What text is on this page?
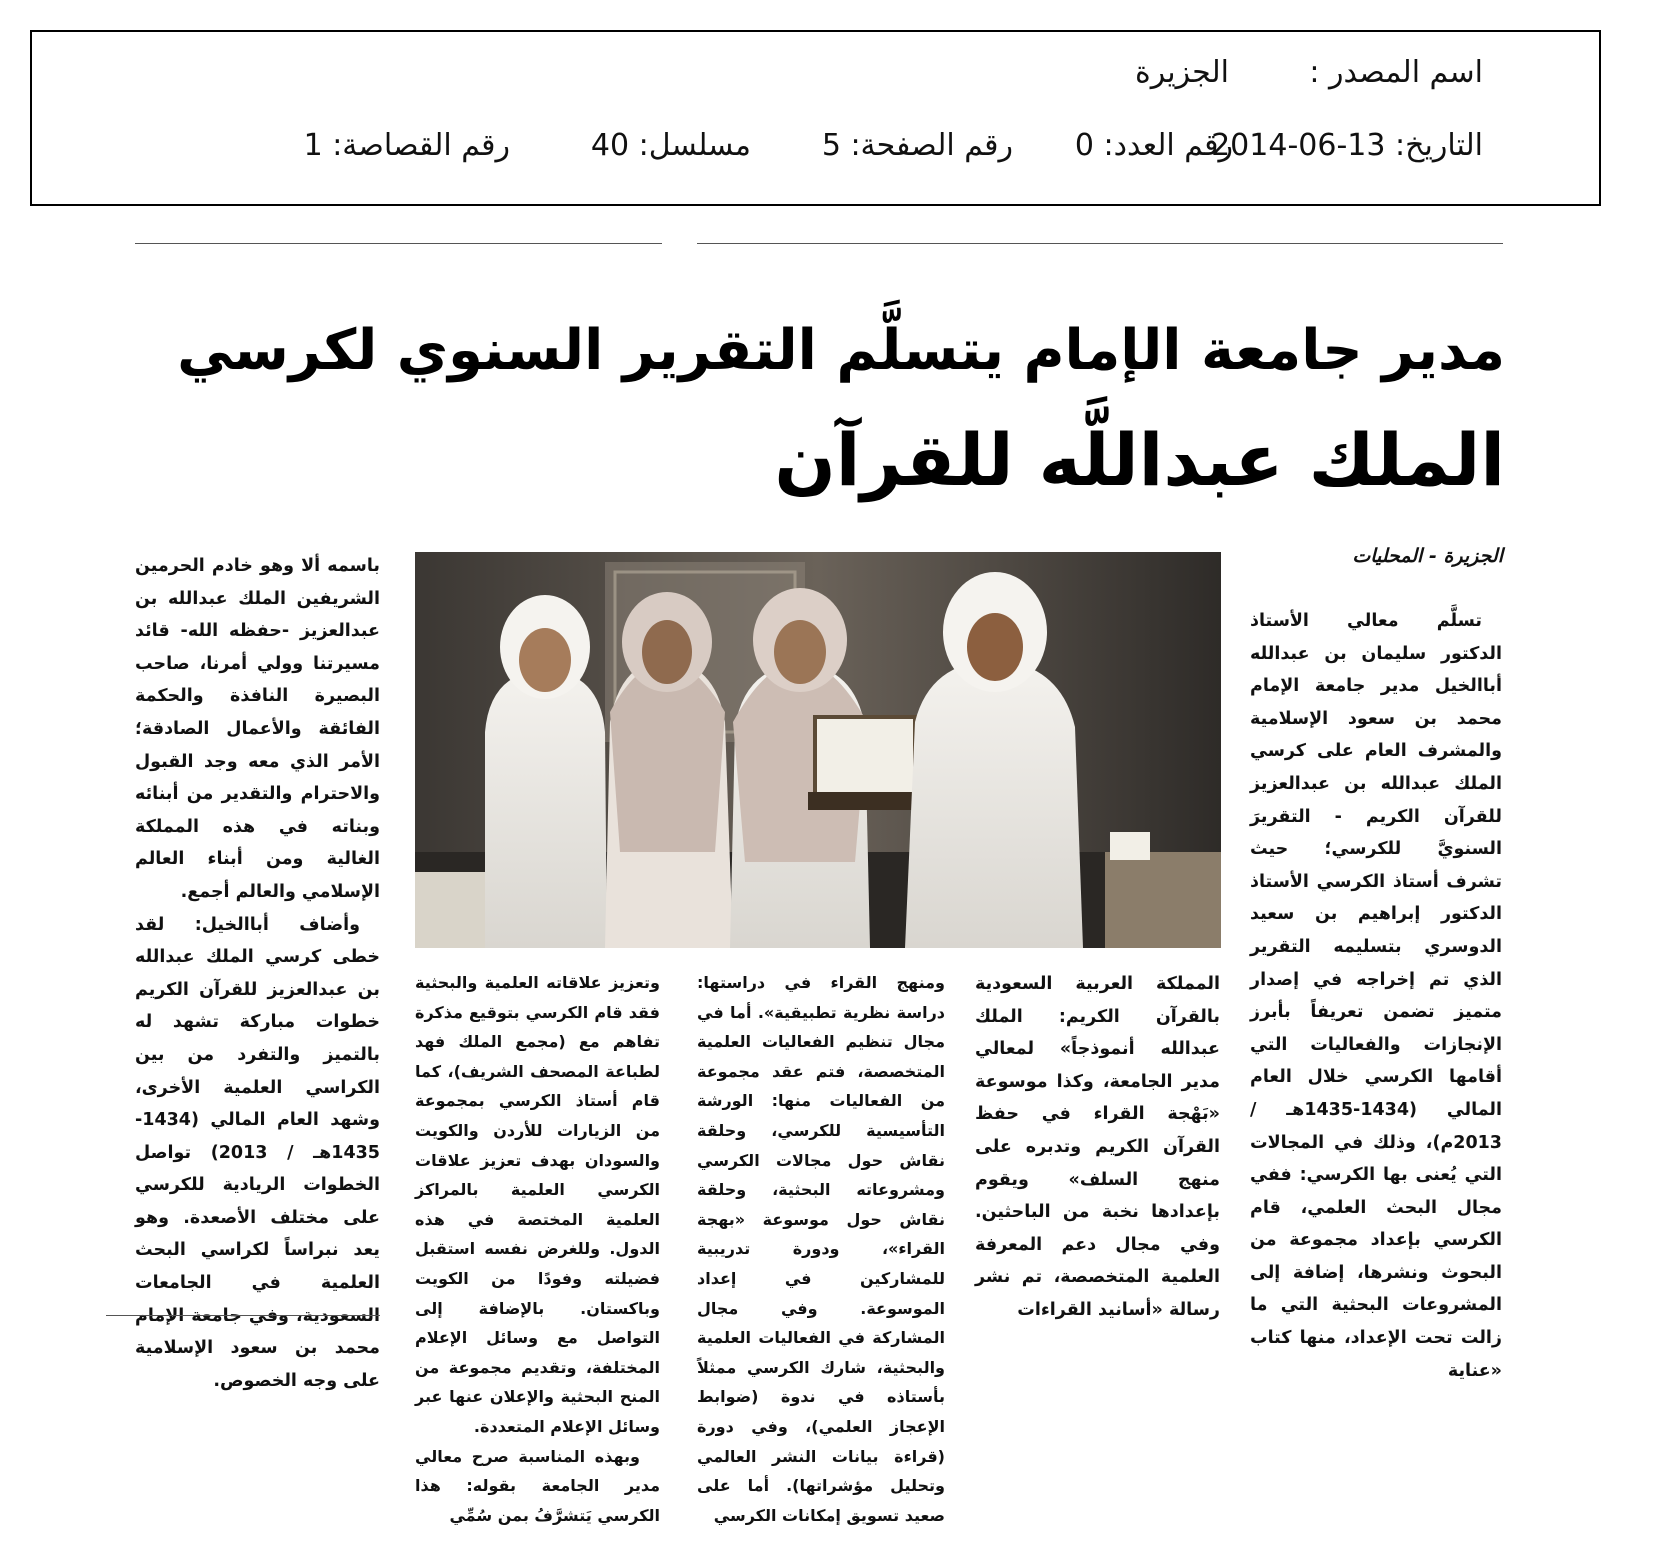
اسم المصدر :
الجزيرة
التاريخ: 13-06-2014
رقم العدد: 0
رقم الصفحة: 5
مسلسل: 40
رقم القصاصة: 1
مدير جامعة الإمام يتسلَّم التقرير السنوي لكرسي
الملك عبداللَّه للقرآن
الجزيرة - المحليات

تسلَّم معالي الأستاذ الدكتور سليمان بن عبدالله أباالخيل مدير جامعة الإمام محمد بن سعود الإسلامية والمشرف العام على كرسي الملك عبدالله بن عبدالعزيز للقرآن الكريم - التقريرَ السنويَّ للكرسي؛ حيث تشرف أستاذ الكرسي الأستاذ الدكتور إبراهيم بن سعيد الدوسري بتسليمه التقرير الذي تم إخراجه في إصدار متميز تضمن تعريفاً بأبرز الإنجازات والفعاليات التي أقامها الكرسي خلال العام المالي (1434-1435هـ / 2013م)، وذلك في المجالات التي يُعنى بها الكرسي: ففي مجال البحث العلمي، قام الكرسي بإعداد مجموعة من البحوث ونشرها، إضافة إلى المشروعات البحثية التي ما زالت تحت الإعداد، منها كتاب «عناية

المملكة العربية السعودية بالقرآن الكريم: الملك عبدالله أنموذجاً» لمعالي مدير الجامعة، وكذا موسوعة «بَهْجة القراء في حفظ القرآن الكريم وتدبره على منهج السلف» ويقوم بإعدادها نخبة من الباحثين. وفي مجال دعم المعرفة العلمية المتخصصة، تم نشر رسالة «أسانيد القراءات

ومنهج القراء في دراستها: دراسة نظرية تطبيقية». أما في مجال تنظيم الفعاليات العلمية المتخصصة، فتم عقد مجموعة من الفعاليات منها: الورشة التأسيسية للكرسي، وحلقة نقاش حول مجالات الكرسي ومشروعاته البحثية، وحلقة نقاش حول موسوعة «بهجة القراء»، ودورة تدريبية للمشاركين في إعداد الموسوعة. وفي مجال المشاركة في الفعاليات العلمية والبحثية، شارك الكرسي ممثلاً بأستاذه في ندوة (ضوابط الإعجاز العلمي)، وفي دورة (قراءة بيانات النشر العالمي وتحليل مؤشراتها). أما على صعيد تسويق إمكانات الكرسي

وتعزيز علاقاته العلمية والبحثية فقد قام الكرسي بتوقيع مذكرة تفاهم مع (مجمع الملك فهد لطباعة المصحف الشريف)، كما قام أستاذ الكرسي بمجموعة من الزيارات للأردن والكويت والسودان بهدف تعزيز علاقات الكرسي العلمية بالمراكز العلمية المختصة في هذه الدول. وللغرض نفسه استقبل فضيلته وفودًا من الكويت وباكستان. بالإضافة إلى التواصل مع وسائل الإعلام المختلفة، وتقديم مجموعة من المنح البحثية والإعلان عنها عبر وسائل الإعلام المتعددة.

وبهذه المناسبة صرح معالي مدير الجامعة بقوله: هذا الكرسي يَتشرَّفُ بمن سُمِّي

باسمه ألا وهو خادم الحرمين الشريفين الملك عبدالله بن عبدالعزيز -حفظه الله- قائد مسيرتنا وولي أمرنا، صاحب البصيرة النافذة والحكمة الفائقة والأعمال الصادقة؛ الأمر الذي معه وجد القبول والاحترام والتقدير من أبنائه وبناته في هذه المملكة الغالية ومن أبناء العالم الإسلامي والعالم أجمع.

وأضاف أباالخيل: لقد خطى كرسي الملك عبدالله بن عبدالعزيز للقرآن الكريم خطوات مباركة تشهد له بالتميز والتفرد من بين الكراسي العلمية الأخرى، وشهد العام المالي (1434-1435هـ / 2013) تواصل الخطوات الريادية للكرسي على مختلف الأصعدة. وهو يعد نبراساً لكراسي البحث العلمية في الجامعات السعودية، وفي جامعة الإمام محمد بن سعود الإسلامية على وجه الخصوص.
